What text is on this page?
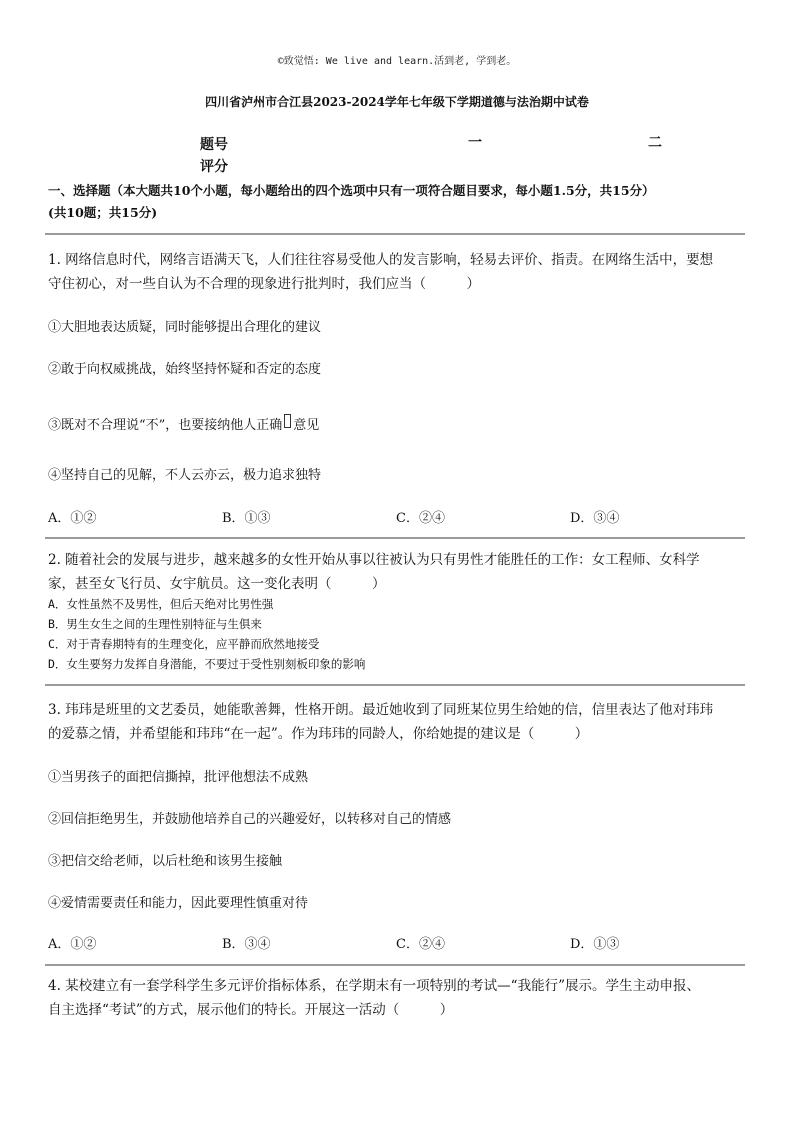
©致觉悟: We live and learn.活到老, 学到老。
四川省泸州市合江县2023-2024学年七年级下学期道德与法治期中试卷
题号	一	二
评分
一、选择题（本大题共10个小题，每小题给出的四个选项中只有一项符合题目要求，每小题1.5分，共15分）
(共10题；共15分)
1. 网络信息时代，网络言语满天飞，人们往往容易受他人的发言影响，轻易去评价、指责。在网络生活中，要想
守住初心，对一些自认为不合理的现象进行批判时，我们应当（　　　）
①大胆地表达质疑，同时能够提出合理化的建议
②敢于向权威挑战，始终坚持怀疑和否定的态度
③既对不合理说“不”，也要接纳他人正确 意见
④坚持自己的见解，不人云亦云，极力追求独特
A．①②	B．①③	C．②④	D．③④
2. 随着社会的发展与进步，越来越多的女性开始从事以往被认为只有男性才能胜任的工作：女工程师、女科学
家，甚至女飞行员、女宇航员。这一变化表明（　　　）
A．女性虽然不及男性，但后天绝对比男性强
B．男生女生之间的生理性别特征与生俱来
C．对于青春期特有的生理变化，应平静而欣然地接受
D．女生要努力发挥自身潜能，不要过于受性别刻板印象的影响
3. 玮玮是班里的文艺委员，她能歌善舞，性格开朗。最近她收到了同班某位男生给她的信，信里表达了他对玮玮
的爱慕之情，并希望能和玮玮“在一起”。作为玮玮的同龄人，你给她提的建议是（　　　）
①当男孩子的面把信撕掉，批评他想法不成熟
②回信拒绝男生，并鼓励他培养自己的兴趣爱好，以转移对自己的情感
③把信交给老师，以后杜绝和该男生接触
④爱情需要责任和能力，因此要理性慎重对待
A．①②	B．③④	C．②④	D．①③
4. 某校建立有一套学科学生多元评价指标体系，在学期末有一项特别的考试—“我能行”展示。学生主动申报、
自主选择“考试”的方式，展示他们的特长。开展这一活动（　　　）
